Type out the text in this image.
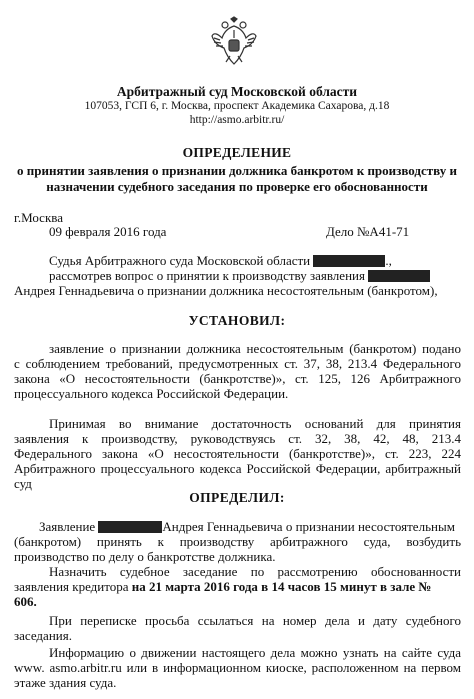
Арбитражный суд Московской области
107053, ГСП 6, г. Москва, проспект Академика Сахарова, д.18
http://asmo.arbitr.ru/
ОПРЕДЕЛЕНИЕ
о принятии заявления о признании должника банкротом к производству и
назначении судебного заседания по проверке его обоснованности
г.Москва
09 февраля 2016 года	Дело №А41-71
Судья Арбитражного суда Московской области	.,
рассмотрев вопрос о принятии к производству заявления
Андрея Геннадьевича о признании должника несостоятельным (банкротом),
УСТАНОВИЛ:
заявление о признании должника несостоятельным (банкротом) подано
с соблюдением требований, предусмотренных ст. 37, 38, 213.4 Федерального
закона «О несостоятельности (банкротстве)», ст. 125, 126 Арбитражного
процессуального кодекса Российской Федерации.
Принимая во внимание достаточность оснований для принятия
заявления к производству, руководствуясь ст. 32, 38, 42, 48, 213.4
Федерального закона «О несостоятельности (банкротстве)», ст. 223, 224
Арбитражного процессуального кодекса Российской Федерации, арбитражный
суд
ОПРЕДЕЛИЛ:
Заявление	Андрея Геннадьевича о признании несостоятельным
(банкротом) принять к производству арбитражного суда, возбудить
производство по делу о банкротстве должника.
Назначить судебное заседание по рассмотрению обоснованности
заявления кредитора на 21 марта 2016 года в 14 часов 15 минут в зале №
606.
При переписке просьба ссылаться на номер дела и дату судебного
заседания.
Информацию о движении настоящего дела можно узнать на сайте суда
www. asmo.arbitr.ru или в информационном киоске, расположенном на первом
этаже здания суда.
